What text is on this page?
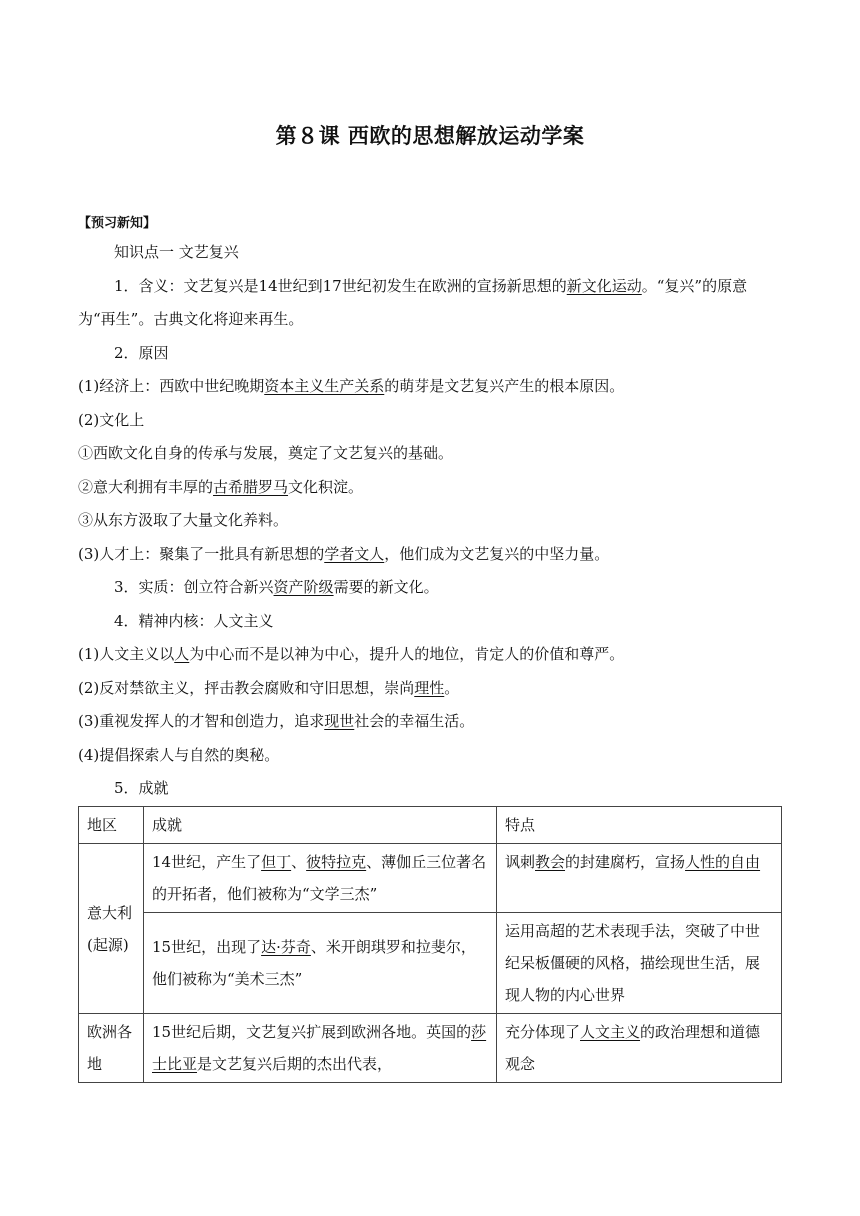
第８课 西欧的思想解放运动学案
【预习新知】

知识点一 文艺复兴

1．含义：文艺复兴是14世纪到17世纪初发生在欧洲的宣扬新思想的新文化运动。“复兴”的原意为“再生”。古典文化将迎来再生。

2．原因

(1)经济上：西欧中世纪晚期资本主义生产关系的萌芽是文艺复兴产生的根本原因。

(2)文化上

①西欧文化自身的传承与发展，奠定了文艺复兴的基础。

②意大利拥有丰厚的古希腊罗马文化积淀。

③从东方汲取了大量文化养料。

(3)人才上：聚集了一批具有新思想的学者文人，他们成为文艺复兴的中坚力量。

3．实质：创立符合新兴资产阶级需要的新文化。

4．精神内核：人文主义

(1)人文主义以人为中心而不是以神为中心，提升人的地位，肯定人的价值和尊严。

(2)反对禁欲主义，抨击教会腐败和守旧思想，崇尚理性。

(3)重视发挥人的才智和创造力，追求现世社会的幸福生活。

(4)提倡探索人与自然的奥秘。

5．成就

地区	成就	特点
意大利(起源)	14世纪，产生了但丁、彼特拉克、薄伽丘三位著名的开拓者，他们被称为“文学三杰”	讽刺教会的封建腐朽，宣扬人性的自由
	15世纪，出现了达·芬奇、米开朗琪罗和拉斐尔，他们被称为“美术三杰”	运用高超的艺术表现手法，突破了中世纪呆板僵硬的风格，描绘现世生活，展现人物的内心世界
欧洲各地	15世纪后期，文艺复兴扩展到欧洲各地。英国的莎士比亚是文艺复兴后期的杰出代表，	充分体现了人文主义的政治理想和道德观念
